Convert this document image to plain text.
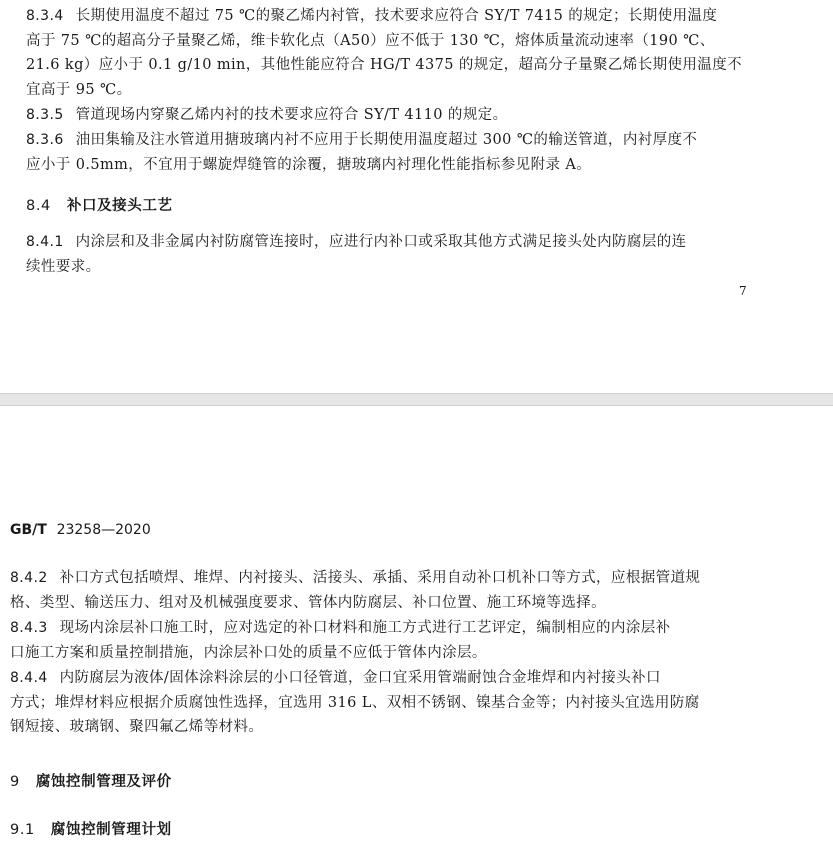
8.3.4 长期使用温度不超过 75 ℃的聚乙烯内衬管，技术要求应符合 SY/T 7415 的规定；长期使用温度
高于 75 ℃的超高分子量聚乙烯，维卡软化点（A50）应不低于 130 ℃，熔体质量流动速率（190 ℃、
21.6 kg）应小于 0.1 g/10 min，其他性能应符合 HG/T 4375 的规定，超高分子量聚乙烯长期使用温度不
宜高于 95 ℃。

8.3.5 管道现场内穿聚乙烯内衬的技术要求应符合 SY/T 4110 的规定。

8.3.6 油田集输及注水管道用搪玻璃内衬不应用于长期使用温度超过 300 ℃的输送管道，内衬厚度不
应小于 0.5mm，不宜用于螺旋焊缝管的涂覆，搪玻璃内衬理化性能指标参见附录 A。

8.4 补口及接头工艺

8.4.1 内涂层和及非金属内衬防腐管连接时，应进行内补口或采取其他方式满足接头处内防腐层的连
续性要求。

7

GB/T 23258—2020

8.4.2 补口方式包括喷焊、堆焊、内衬接头、活接头、承插、采用自动补口机补口等方式，应根据管道规
格、类型、输送压力、组对及机械强度要求、管体内防腐层、补口位置、施工环境等选择。

8.4.3 现场内涂层补口施工时，应对选定的补口材料和施工方式进行工艺评定，编制相应的内涂层补
口施工方案和质量控制措施，内涂层补口处的质量不应低于管体内涂层。

8.4.4 内防腐层为液体/固体涂料涂层的小口径管道，金口宜采用管端耐蚀合金堆焊和内衬接头补口
方式；堆焊材料应根据介质腐蚀性选择，宜选用 316 L、双相不锈钢、镍基合金等；内衬接头宜选用防腐
钢短接、玻璃钢、聚四氟乙烯等材料。

9 腐蚀控制管理及评价

9.1 腐蚀控制管理计划
